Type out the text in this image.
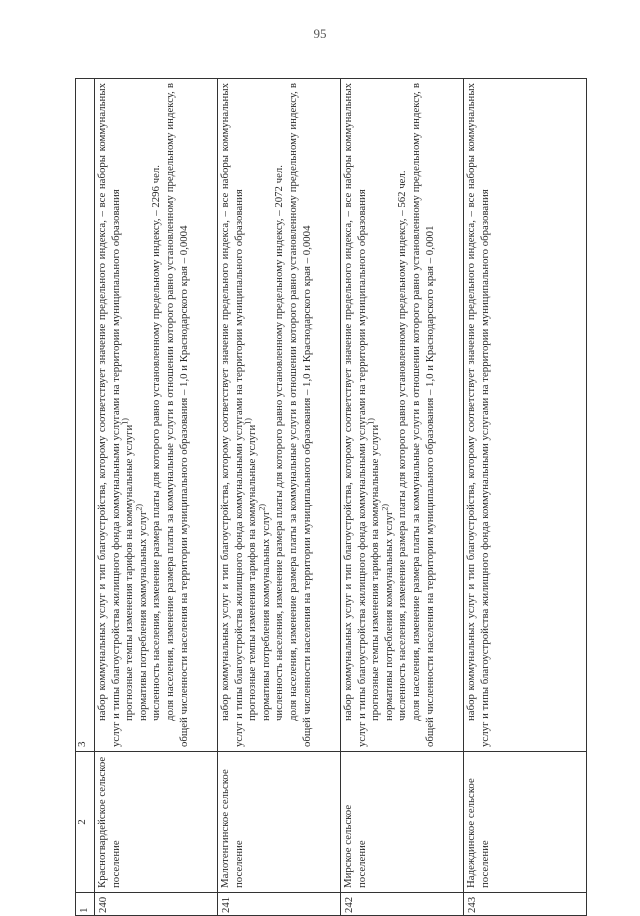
95
1	2	3
240	Красногвардейское сельское поселение	набор коммунальных услуг и тип благоустройства, которому соответствует значение предельного индекса, – все наборы коммунальных услуг и типы благоустройства жилищного фонда коммунальными услугами на территории муниципального образования прогнозные темпы изменения тарифов на коммунальные услуги$^{1)}$
нормативы потребления коммунальных услуг$^{2)}$ численность населения, изменение размера платы для которого равно установленному предельному индексу, – 2296 чел. доля населения, изменение размера платы за коммунальные услуги в отношении которого равно установленному предельному индексу, в общей численности населения на территории муниципального образования – 1,0 и Краснодарского края – 0,0004

241	Малотенгинское сельское поселение	набор коммунальных услуг и тип благоустройства, которому соответствует значение предельного индекса, – все наборы коммунальных услуг и типы благоустройства жилищного фонда коммунальными услугами на территории муниципального образования прогнозные темпы изменения тарифов на коммунальные услуги$^{1)}$
нормативы потребления коммунальных услуг$^{2)}$ численность населения, изменение размера платы для которого равно установленному предельному индексу, – 2072 чел. доля населения, изменение размера платы за коммунальные услуги в отношении которого равно установленному предельному индексу, в общей численности населения на территории муниципального образования – 1,0 и Краснодарского края – 0,0004

242	Мирское сельское поселение	набор коммунальных услуг и тип благоустройства, которому соответствует значение предельного индекса, – все наборы коммунальных услуг и типы благоустройства жилищного фонда коммунальными услугами на территории муниципального образования прогнозные темпы изменения тарифов на коммунальные услуги$^{1)}$
нормативы потребления коммунальных услуг$^{2)}$ численность населения, изменение размера платы для которого равно установленному предельному индексу, – 562 чел. доля населения, изменение размера платы за коммунальные услуги в отношении которого равно установленному предельному индексу, в общей численности населения на территории муниципального образования – 1,0 и Краснодарского края – 0,0001

243	Надеждинское сельское поселение	набор коммунальных услуг и тип благоустройства, которому соответствует значение предельного индекса, – все наборы коммунальных услуг и типы благоустройства жилищного фонда коммунальными услугами на территории муниципального образования
